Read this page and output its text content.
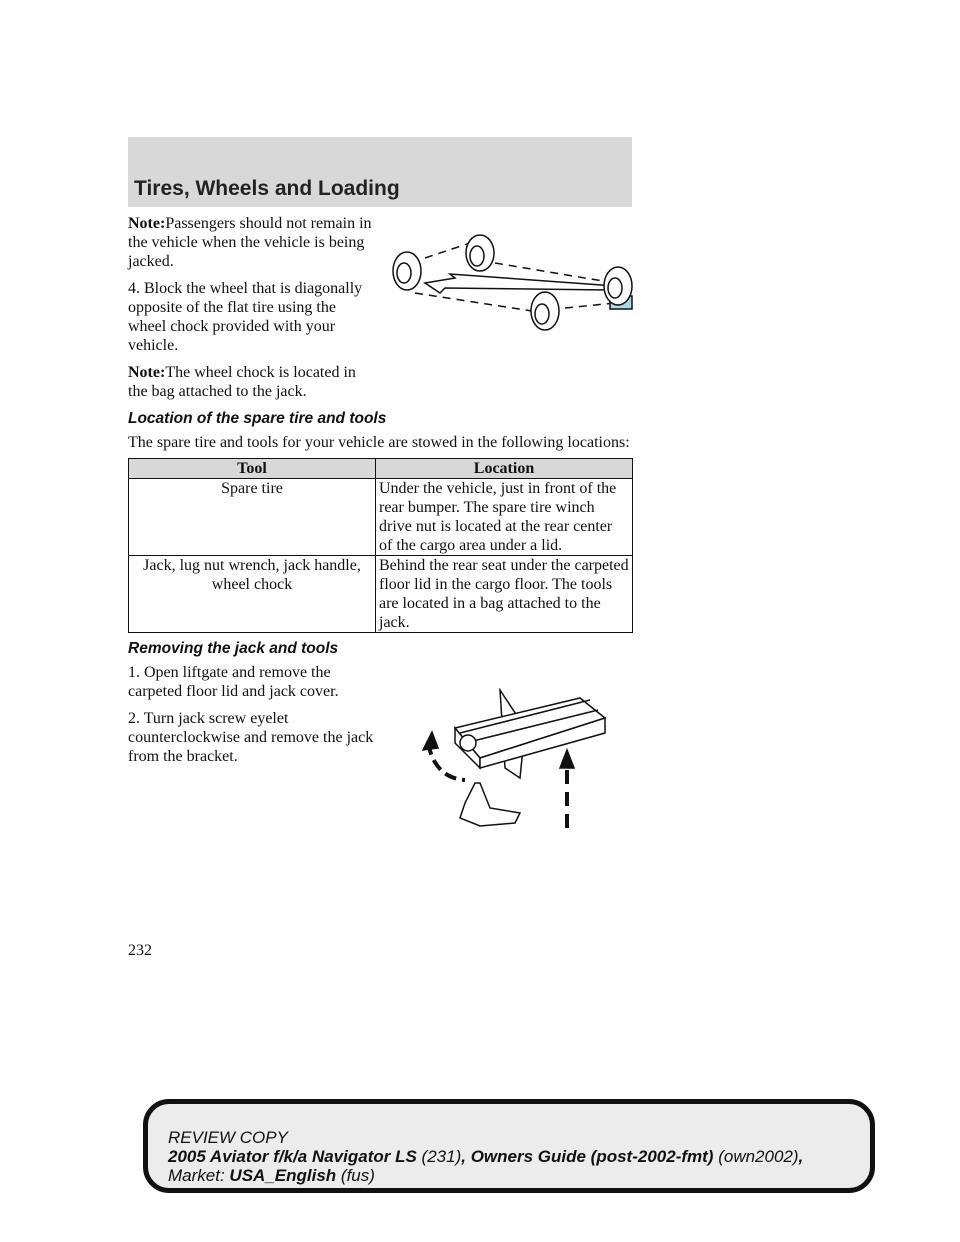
Tires, Wheels and Loading

Note:Passengers should not remain in the vehicle when the vehicle is being jacked.

4. Block the wheel that is diagonally opposite of the flat tire using the wheel chock provided with your vehicle.

Note:The wheel chock is located in the bag attached to the jack.

Location of the spare tire and tools

The spare tire and tools for your vehicle are stowed in the following locations:

Tool	Location
Spare tire	Under the vehicle, just in front of the rear bumper. The spare tire winch drive nut is located at the rear center of the cargo area under a lid.
Jack, lug nut wrench, jack handle, wheel chock	Behind the rear seat under the carpeted floor lid in the cargo floor. The tools are located in a bag attached to the jack.
Removing the jack and tools

1. Open liftgate and remove the carpeted floor lid and jack cover.

2. Turn jack screw eyelet counterclockwise and remove the jack from the bracket.

232

REVIEW COPY
2005 Aviator f/k/a Navigator LS (231), Owners Guide (post-2002-fmt) (own2002),
Market: USA_English (fus)
